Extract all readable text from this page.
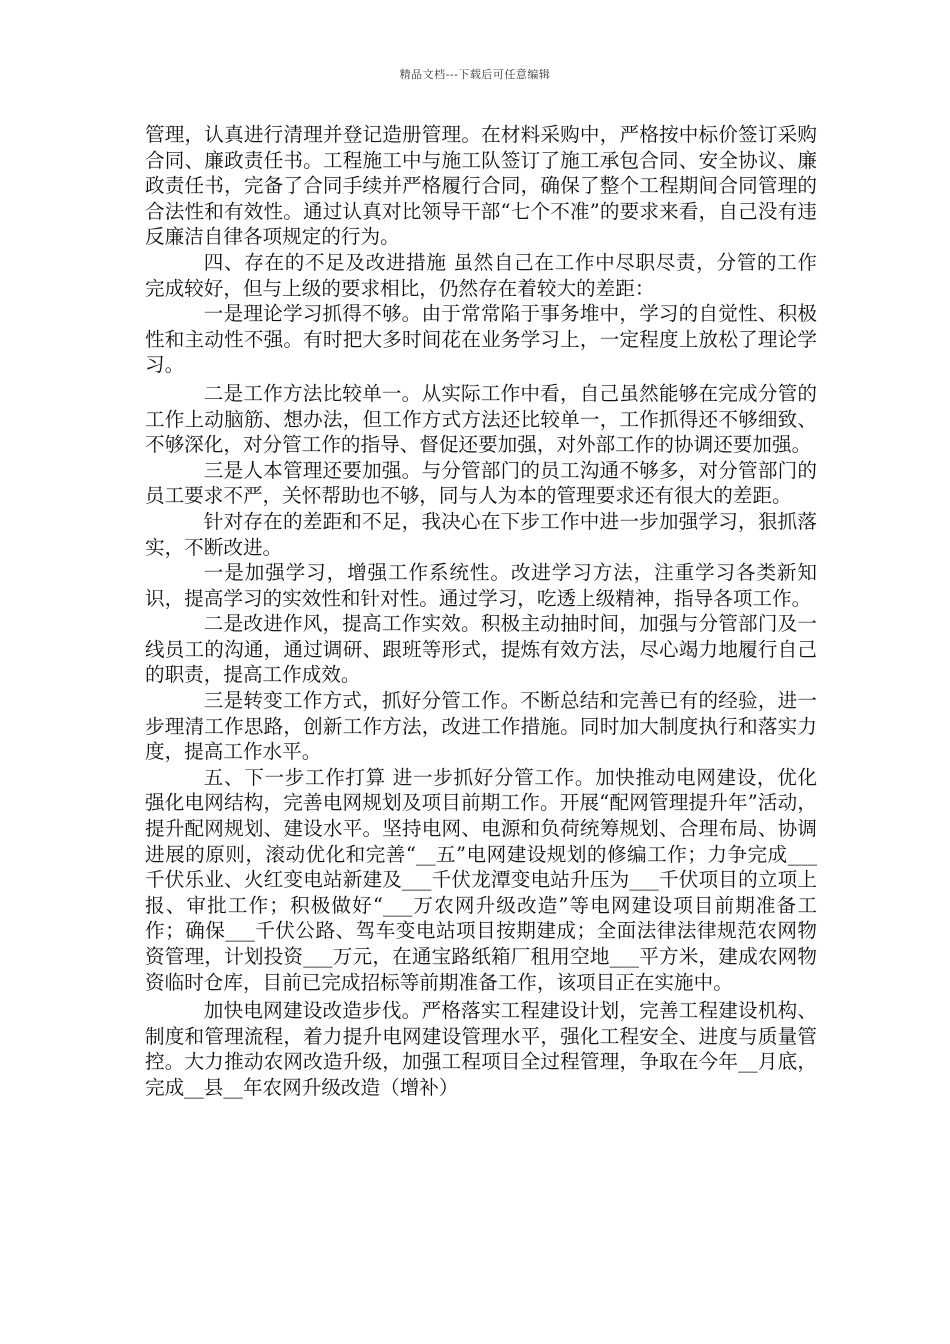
精品文档---下载后可任意编辑

管理，认真进行清理并登记造册管理。在材料采购中，严格按中标价签订采购合同、廉政责任书。工程施工中与施工队签订了施工承包合同、安全协议、廉政责任书，完备了合同手续并严格履行合同，确保了整个工程期间合同管理的合法性和有效性。通过认真对比领导干部“七个不准”的要求来看，自己没有违反廉洁自律各项规定的行为。

四、存在的不足及改进措施 虽然自己在工作中尽职尽责，分管的工作完成较好，但与上级的要求相比，仍然存在着较大的差距：

一是理论学习抓得不够。由于常常陷于事务堆中，学习的自觉性、积极性和主动性不强。有时把大多时间花在业务学习上，一定程度上放松了理论学习。

二是工作方法比较单一。从实际工作中看，自己虽然能够在完成分管的工作上动脑筋、想办法，但工作方式方法还比较单一，工作抓得还不够细致、不够深化，对分管工作的指导、督促还要加强，对外部工作的协调还要加强。

三是人本管理还要加强。与分管部门的员工沟通不够多，对分管部门的员工要求不严，关怀帮助也不够，同与人为本的管理要求还有很大的差距。

针对存在的差距和不足，我决心在下步工作中进一步加强学习，狠抓落实，不断改进。

一是加强学习，增强工作系统性。改进学习方法，注重学习各类新知识，提高学习的实效性和针对性。通过学习，吃透上级精神，指导各项工作。

二是改进作风，提高工作实效。积极主动抽时间，加强与分管部门及一线员工的沟通，通过调研、跟班等形式，提炼有效方法，尽心竭力地履行自己的职责，提高工作成效。

三是转变工作方式，抓好分管工作。不断总结和完善已有的经验，进一步理清工作思路，创新工作方法，改进工作措施。同时加大制度执行和落实力度，提高工作水平。

五、下一步工作打算 进一步抓好分管工作。加快推动电网建设，优化强化电网结构，完善电网规划及项目前期工作。开展“配网管理提升年”活动，提升配网规划、建设水平。坚持电网、电源和负荷统筹规划、合理布局、协调进展的原则，滚动优化和完善“__五”电网建设规划的修编工作；力争完成___千伏乐业、火红变电站新建及___千伏龙潭变电站升压为___千伏项目的立项上报、审批工作；积极做好“___万农网升级改造”等电网建设项目前期准备工作；确保___千伏公路、驾车变电站项目按期建成；全面法律法律规范农网物资管理，计划投资___万元，在通宝路纸箱厂租用空地___平方米，建成农网物资临时仓库，目前已完成招标等前期准备工作，该项目正在实施中。

加快电网建设改造步伐。严格落实工程建设计划，完善工程建设机构、制度和管理流程，着力提升电网建设管理水平，强化工程安全、进度与质量管控。大力推动农网改造升级，加强工程项目全过程管理，争取在今年__月底，完成__县__年农网升级改造（增补）
